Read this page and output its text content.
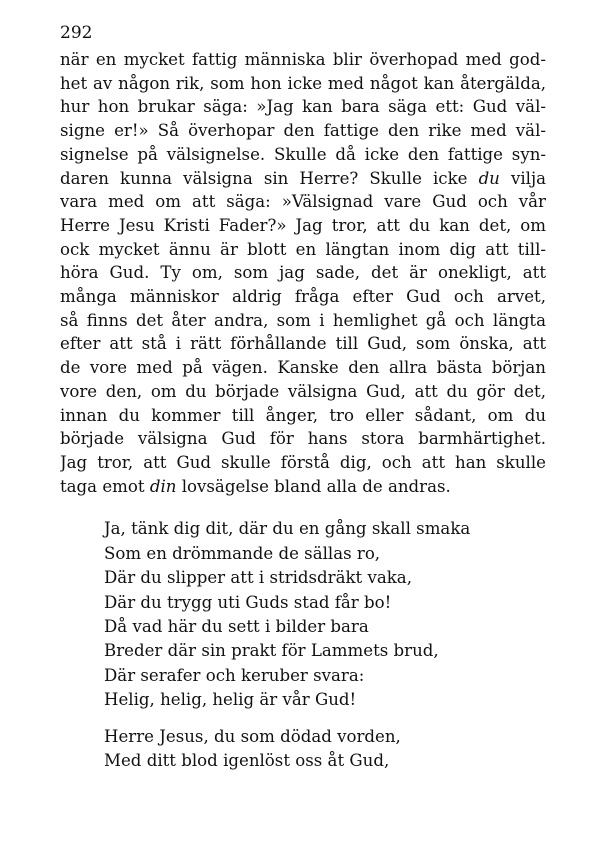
292
när en mycket fattig människa blir överhopad med god-
het av någon rik, som hon icke med något kan återgälda,
hur hon brukar säga: »Jag kan bara säga ett: Gud väl-
signe er!» Så överhopar den fattige den rike med väl-
signelse på välsignelse. Skulle då icke den fattige syn-
daren kunna välsigna sin Herre? Skulle icke du vilja
vara med om att säga: »Välsignad vare Gud och vår
Herre Jesu Kristi Fader?» Jag tror, att du kan det, om
ock mycket ännu är blott en längtan inom dig att till-
höra Gud. Ty om, som jag sade, det är onekligt, att
många människor aldrig fråga efter Gud och arvet,
så finns det åter andra, som i hemlighet gå och längta
efter att stå i rätt förhållande till Gud, som önska, att
de vore med på vägen. Kanske den allra bästa början
vore den, om du började välsigna Gud, att du gör det,
innan du kommer till ånger, tro eller sådant, om du
började välsigna Gud för hans stora barmhärtighet.
Jag tror, att Gud skulle förstå dig, och att han skulle
taga emot din lovsägelse bland alla de andras.
Ja, tänk dig dit, där du en gång skall smaka
Som en drömmande de sällas ro,
Där du slipper att i stridsdräkt vaka,
Där du trygg uti Guds stad får bo!
Då vad här du sett i bilder bara
Breder där sin prakt för Lammets brud,
Där serafer och keruber svara:
Helig, helig, helig är vår Gud!
Herre Jesus, du som dödad vorden,
Med ditt blod igenlöst oss åt Gud,
